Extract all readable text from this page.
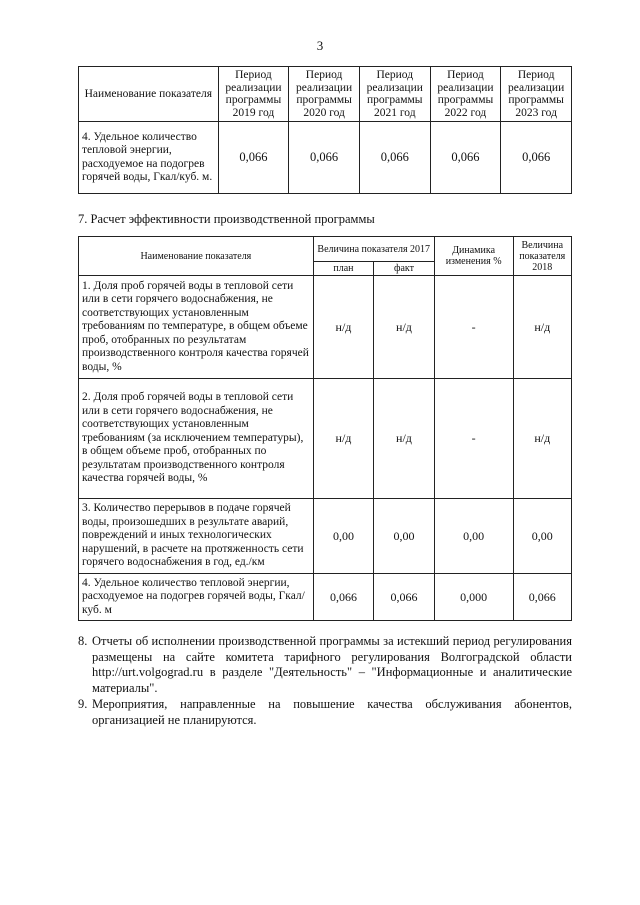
3
Наименование показателя	Период реализации программы 2019 год	Период реализации программы 2020 год	Период реализации программы 2021 год	Период реализации программы 2022 год	Период реализации программы 2023 год
4. Удельное количество тепловой энергии, расходуемое на подогрев горячей воды, Гкал/куб. м.	0,066	0,066	0,066	0,066	0,066
7. Расчет эффективности производственной программы
Наименование показателя	Величина показателя 2017		Динамика изменения %	Величина показателя 2018
	план	факт		
1. Доля проб горячей воды в тепловой сети или в сети горячего водоснабжения, не соответствующих установленным требованиям по температуре, в общем объеме проб, отобранных по результатам производственного контроля качества горячей воды, %	н/д	н/д	-	н/д
2. Доля проб горячей воды в тепловой сети или в сети горячего водоснабжения, не соответствующих установленным требованиям (за исключением температуры), в общем объеме проб, отобранных по результатам производственного контроля качества горячей воды, %	н/д	н/д	-	н/д
3. Количество перерывов в подаче горячей воды, произошедших в результате аварий, повреждений и иных технологических нарушений, в расчете на протяженность сети горячего водоснабжения в год, ед./км	0,00	0,00	0,00	0,00
4. Удельное количество тепловой энергии, расходуемое на подогрев горячей воды, Гкал/куб. м	0,066	0,066	0,000	0,066
8. Отчеты об исполнении производственной программы за истекший период регулирования размещены на сайте комитета тарифного регулирования Волгоградской области http://urt.volgograd.ru в разделе "Деятельность" – "Информационные и аналитические материалы".
9. Мероприятия, направленные на повышение качества обслуживания абонентов, организацией не планируются.
